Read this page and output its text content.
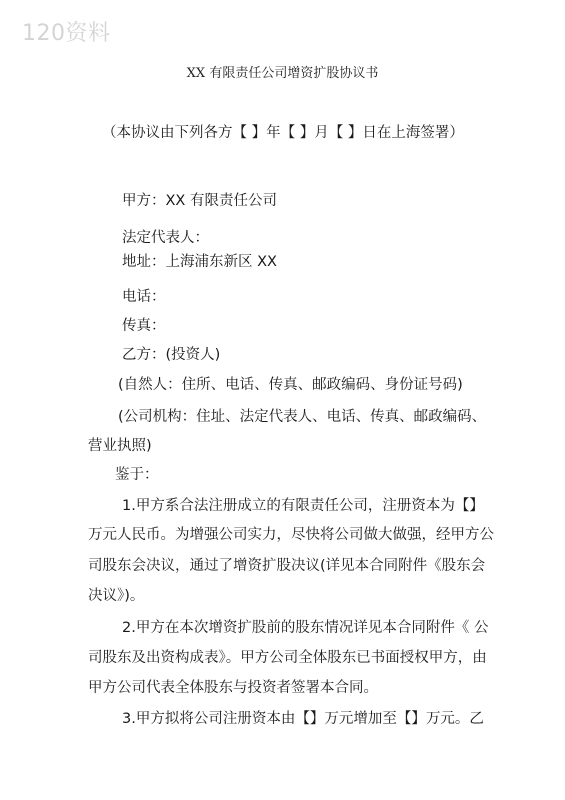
120资料
XX 有限责任公司增资扩股协议书
（本协议由下列各方【 】年【 】月【 】日在上海签署）
甲方：XX 有限责任公司
法定代表人：
地址：上海浦东新区 XX
电话：
传真：
乙方：(投资人)
(自然人：住所、电话、传真、邮政编码、身份证号码)
(公司机构：住址、法定代表人、电话、传真、邮政编码、
营业执照)
鉴于：
1.甲方系合法注册成立的有限责任公司，注册资本为【】
万元人民币。为增强公司实力，尽快将公司做大做强，经甲方公
司股东会决议，通过了增资扩股决议(详见本合同附件《股东会
决议》)。
2.甲方在本次增资扩股前的股东情况详见本合同附件《 公
司股东及出资构成表》。甲方公司全体股东已书面授权甲方，由
甲方公司代表全体股东与投资者签署本合同。
3.甲方拟将公司注册资本由【】万元增加至【】万元。乙
